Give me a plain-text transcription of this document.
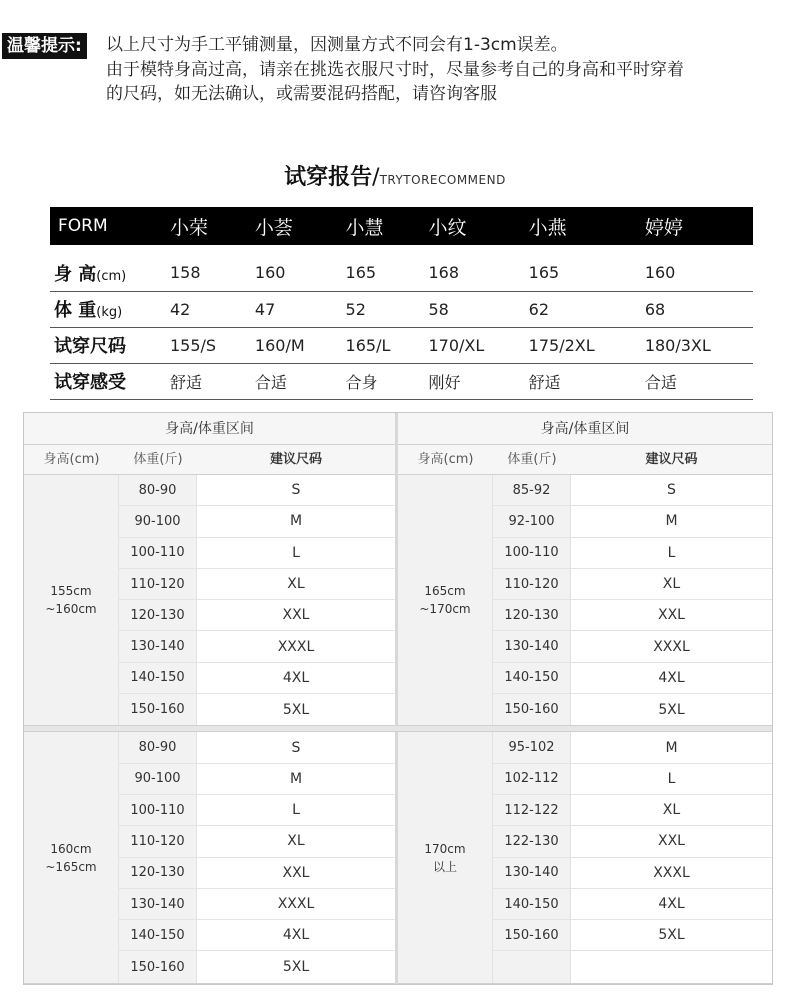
温馨提示: 以上尺寸为手工平铺测量，因测量方式不同会有1-3cm误差。
由于模特身高过高，请亲在挑选衣服尺寸时，尽量参考自己的身高和平时穿着
的尺码，如无法确认，或需要混码搭配，请咨询客服
试穿报告/TRYTORECOMMEND
FORM	小荣	小荟	小慧	小纹	小燕	婷婷

身 高(cm)	158	160	165	168	165	160
体 重(kg)	42	47	52	58	62	68
试穿尺码	155/S	160/M	165/L	170/XL	175/2XL	180/3XL
试穿感受	舒适	合适	合身	刚好	舒适	合适
身高/体重区间
身高(cm)	体重(斤)	建议尺码
155cm
~160cm
80-90	S
90-100	M
100-110	L
110-120	XL
120-130	XXL
130-140	XXXL
140-150	4XL
150-160	5XL
身高/体重区间
身高(cm)	体重(斤)	建议尺码
165cm
~170cm
85-92	S
92-100	M
100-110	L
110-120	XL
120-130	XXL
130-140	XXXL
140-150	4XL
150-160	5XL
160cm
~165cm
80-90	S
90-100	M
100-110	L
110-120	XL
120-130	XXL
130-140	XXXL
140-150	4XL
150-160	5XL
170cm
以上
95-102	M
102-112	L
112-122	XL
122-130	XXL
130-140	XXXL
140-150	4XL
150-160	5XL
